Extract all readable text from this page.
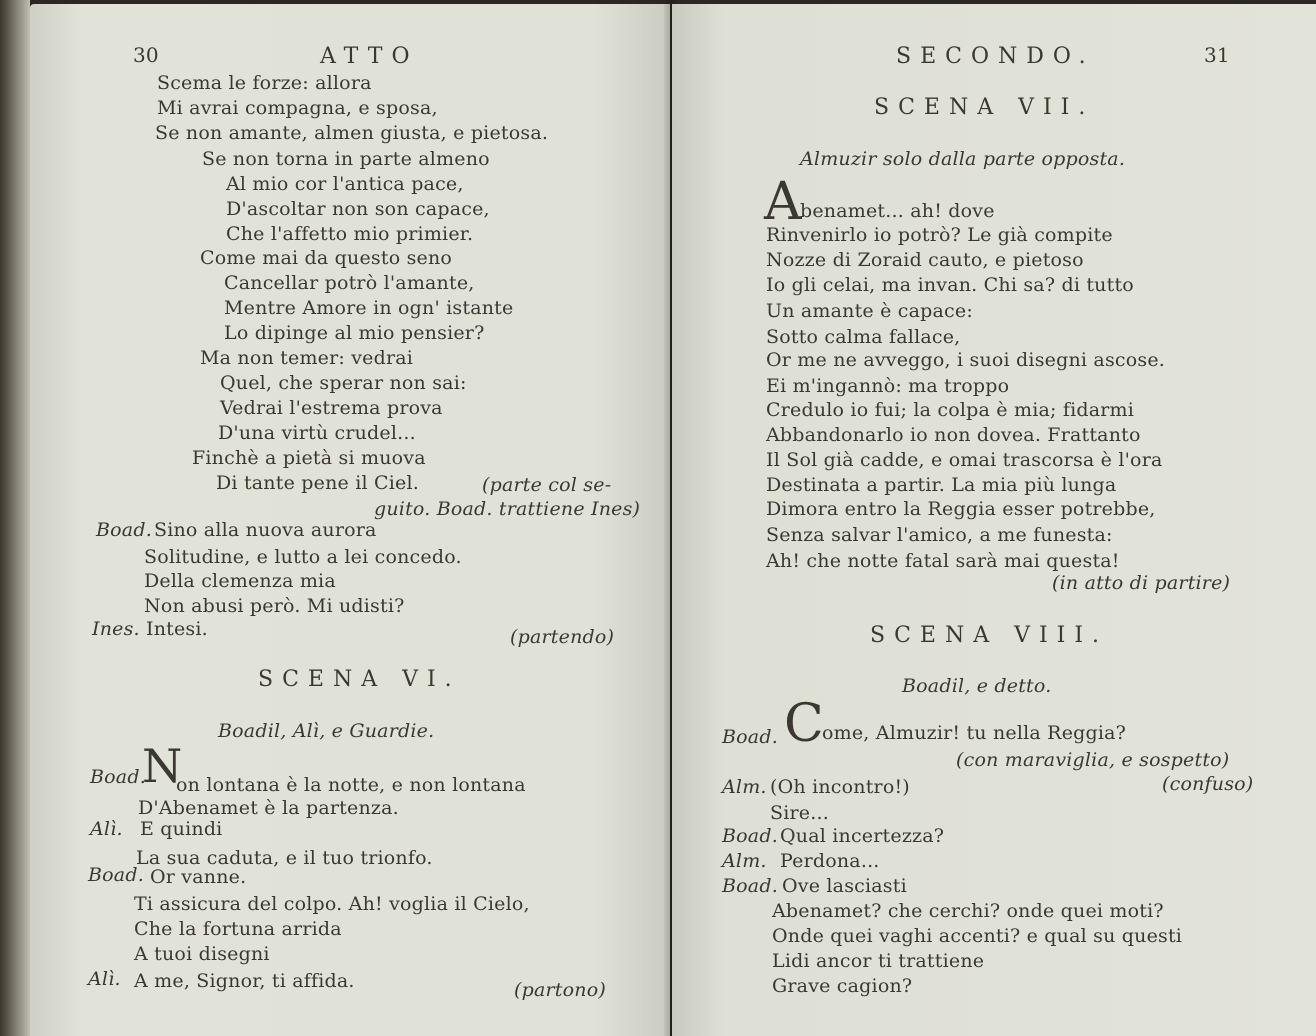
30	ATTO
Scema le forze: allora
Mi avrai compagna, e sposa,
Se non amante, almen giusta, e pietosa.
Se non torna in parte almeno
Al mio cor l'antica pace,
D'ascoltar non son capace,
Che l'affetto mio primier.
Come mai da questo seno
Cancellar potrò l'amante,
Mentre Amore in ogn' istante
Lo dipinge al mio pensier?
Ma non temer: vedrai
Quel, che sperar non sai:
Vedrai l'estrema prova
D'una virtù crudel...
Finchè a pietà si muova
Di tante pene il Ciel.	(parte col se-
guito. Boad. trattiene Ines)
Boad. Sino alla nuova aurora
Solitudine, e lutto a lei concedo.
Della clemenza mia
Non abusi però. Mi udisti?
Ines. Intesi.	(partendo)
SCENA VI.
Boadil, Alì, e Guardie.
Boad.
N
on lontana è la notte, e non lontana
D'Abenamet è la partenza.
Alì. E quindi
La sua caduta, e il tuo trionfo.
Boad. Or vanne.
Ti assicura del colpo. Ah! voglia il Cielo,
Che la fortuna arrida
A tuoi disegni
Alì. A me, Signor, ti affida.	(partono)
SECONDO.	31
SCENA VII.
Almuzir solo dalla parte opposta.
A
benamet... ah! dove
Rinvenirlo io potrò? Le già compite
Nozze di Zoraid cauto, e pietoso
Io gli celai, ma invan. Chi sa? di tutto
Un amante è capace:
Sotto calma fallace,
Or me ne avveggo, i suoi disegni ascose.
Ei m'ingannò: ma troppo
Credulo io fui; la colpa è mia; fidarmi
Abbandonarlo io non dovea. Frattanto
Il Sol già cadde, e omai trascorsa è l'ora
Destinata a partir. La mia più lunga
Dimora entro la Reggia esser potrebbe,
Senza salvar l'amico, a me funesta:
Ah! che notte fatal sarà mai questa!
(in atto di partire)
SCENA VIII.
Boadil, e detto.
Boad. C
ome, Almuzir! tu nella Reggia?
(con maraviglia, e sospetto)
Alm. (Oh incontro!)	(confuso)
Sire...
Boad. Qual incertezza?
Alm. Perdona...
Boad. Ove lasciasti
Abenamet? che cerchi? onde quei moti?
Onde quei vaghi accenti? e qual su questi
Lidi ancor ti trattiene
Grave cagion?
